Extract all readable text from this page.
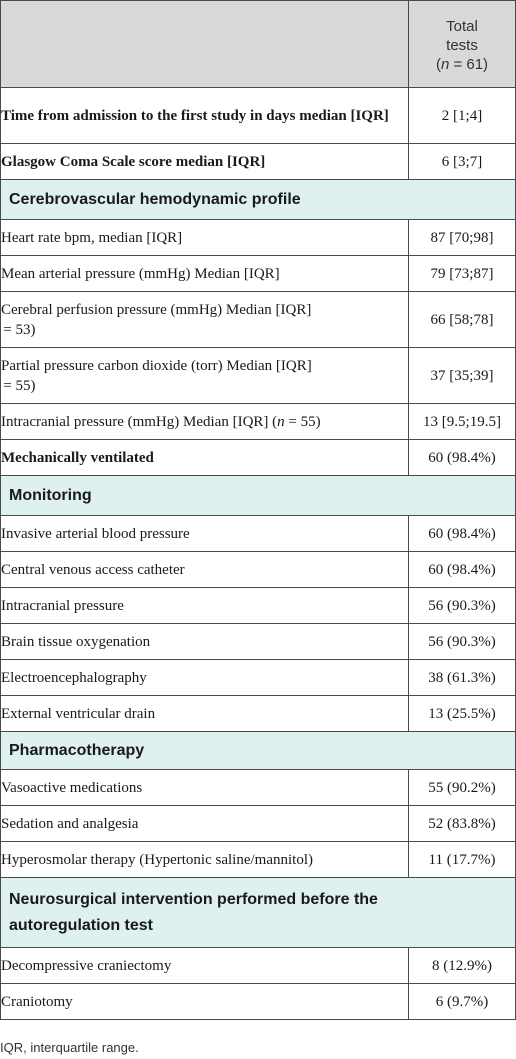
	Total
tests
(n = 61)

Time from admission to the first study in days median [IQR]	2 [1;4]
Glasgow Coma Scale score median [IQR]	6 [3;7]
Cerebrovascular hemodynamic profile	
Heart rate bpm, median [IQR]	87 [70;98]
Mean arterial pressure (mmHg) Median [IQR]	79 [73;87]
Cerebral perfusion pressure (mmHg) Median [IQR]
= 53)	66 [58;78]
Partial pressure carbon dioxide (torr) Median [IQR]
= 55)	37 [35;39]
Intracranial pressure (mmHg) Median [IQR] (n = 55)	13 [9.5;19.5]
Mechanically ventilated	60 (98.4%)
Monitoring	
Invasive arterial blood pressure	60 (98.4%)
Central venous access catheter	60 (98.4%)
Intracranial pressure	56 (90.3%)
Brain tissue oxygenation	56 (90.3%)
Electroencephalography	38 (61.3%)
External ventricular drain	13 (25.5%)
Pharmacotherapy	
Vasoactive medications	55 (90.2%)
Sedation and analgesia	52 (83.8%)
Hyperosmolar therapy (Hypertonic saline/mannitol)	11 (17.7%)
Neurosurgical intervention performed before the autoregulation test	
Decompressive craniectomy	8 (12.9%)
Craniotomy	6 (9.7%)
IQR, interquartile range.
